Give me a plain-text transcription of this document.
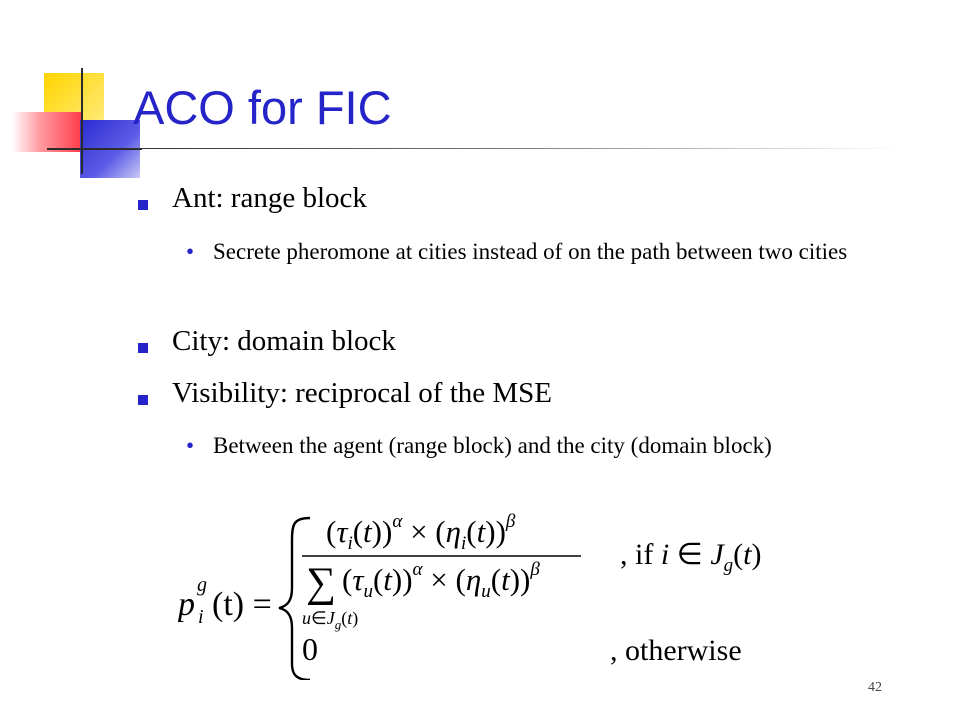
ACO for FIC
Ant: range block
• Secrete pheromone at cities instead of on the path between two cities
City: domain block
Visibility: reciprocal of the MSE
• Between the agent (range block) and the city (domain block)
p
g
i (t) =
$(\tau_i(t))^\alpha \times (\eta_i(t))^\beta$
∑ $(\tau_u(t))^\alpha \times (\eta_u(t))^\beta$
$u\in J_g(t)$
, if i ∈ $J_g(t)$
0	, otherwise
42
